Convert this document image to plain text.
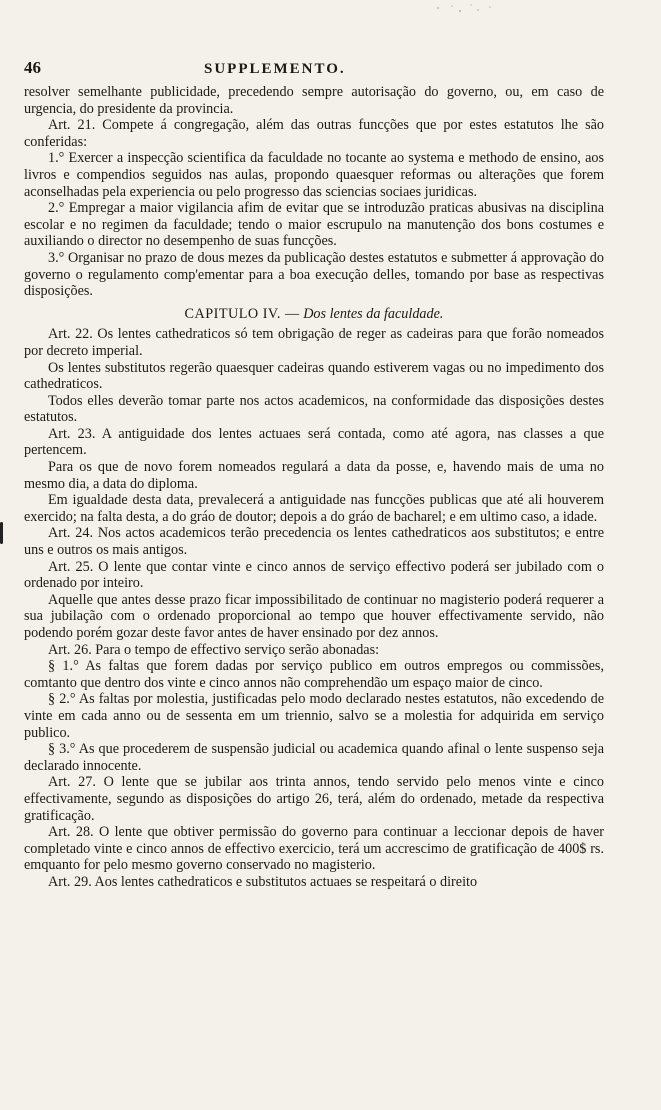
46	SUPPLEMENTO.

resolver semelhante publicidade, precedendo sempre autorisação do governo, ou, em caso de urgencia, do presidente da provincia.

Art. 21. Compete á congregação, além das outras funcções que por estes estatutos lhe são conferidas:

1.° Exercer a inspecção scientifica da faculdade no tocante ao systema e methodo de ensino, aos livros e compendios seguidos nas aulas, propondo quaesquer reformas ou alterações que forem aconselhadas pela experiencia ou pelo progresso das sciencias sociaes juridicas.

2.° Empregar a maior vigilancia afim de evitar que se introduzão praticas abusivas na disciplina escolar e no regimen da faculdade; tendo o maior escrupulo na manutenção dos bons costumes e auxiliando o director no desempenho de suas funcções.

3.° Organisar no prazo de dous mezes da publicação destes estatutos e submetter á approvação do governo o regulamento comp'ementar para a boa execução delles, tomando por base as respectivas disposições.

CAPITULO IV. — Dos lentes da faculdade.

Art. 22. Os lentes cathedraticos só tem obrigação de reger as cadeiras para que forão nomeados por decreto imperial.

Os lentes substitutos regerão quaesquer cadeiras quando estiverem vagas ou no impedimento dos cathedraticos.

Todos elles deverão tomar parte nos actos academicos, na conformidade das disposições destes estatutos.

Art. 23. A antiguidade dos lentes actuaes será contada, como até agora, nas classes a que pertencem.

Para os que de novo forem nomeados regulará a data da posse, e, havendo mais de uma no mesmo dia, a data do diploma.

Em igualdade desta data, prevalecerá a antiguidade nas funcções publicas que até ali houverem exercido; na falta desta, a do gráo de doutor; depois a do gráo de bacharel; e em ultimo caso, a idade.

Art. 24. Nos actos academicos terão precedencia os lentes cathedraticos aos substitutos; e entre uns e outros os mais antigos.

Art. 25. O lente que contar vinte e cinco annos de serviço effectivo poderá ser jubilado com o ordenado por inteiro.

Aquelle que antes desse prazo ficar impossibilitado de continuar no magisterio poderá requerer a sua jubilação com o ordenado proporcional ao tempo que houver effectivamente servido, não podendo porém gozar deste favor antes de haver ensinado por dez annos.

Art. 26. Para o tempo de effectivo serviço serão abonadas:

§ 1.° As faltas que forem dadas por serviço publico em outros empregos ou commissões, comtanto que dentro dos vinte e cinco annos não comprehendão um espaço maior de cinco.

§ 2.° As faltas por molestia, justificadas pelo modo declarado nestes estatutos, não excedendo de vinte em cada anno ou de sessenta em um triennio, salvo se a molestia for adquirida em serviço publico.

§ 3.° As que procederem de suspensão judicial ou academica quando afinal o lente suspenso seja declarado innocente.

Art. 27. O lente que se jubilar aos trinta annos, tendo servido pelo menos vinte e cinco effectivamente, segundo as disposições do artigo 26, terá, além do ordenado, metade da respectiva gratificação.

Art. 28. O lente que obtiver permissão do governo para continuar a leccionar depois de haver completado vinte e cinco annos de effectivo exercicio, terá um accrescimo de gratificação de 400$ rs. emquanto for pelo mesmo governo conservado no magisterio.

Art. 29. Aos lentes cathedraticos e substitutos actuaes se respeitará o direito
